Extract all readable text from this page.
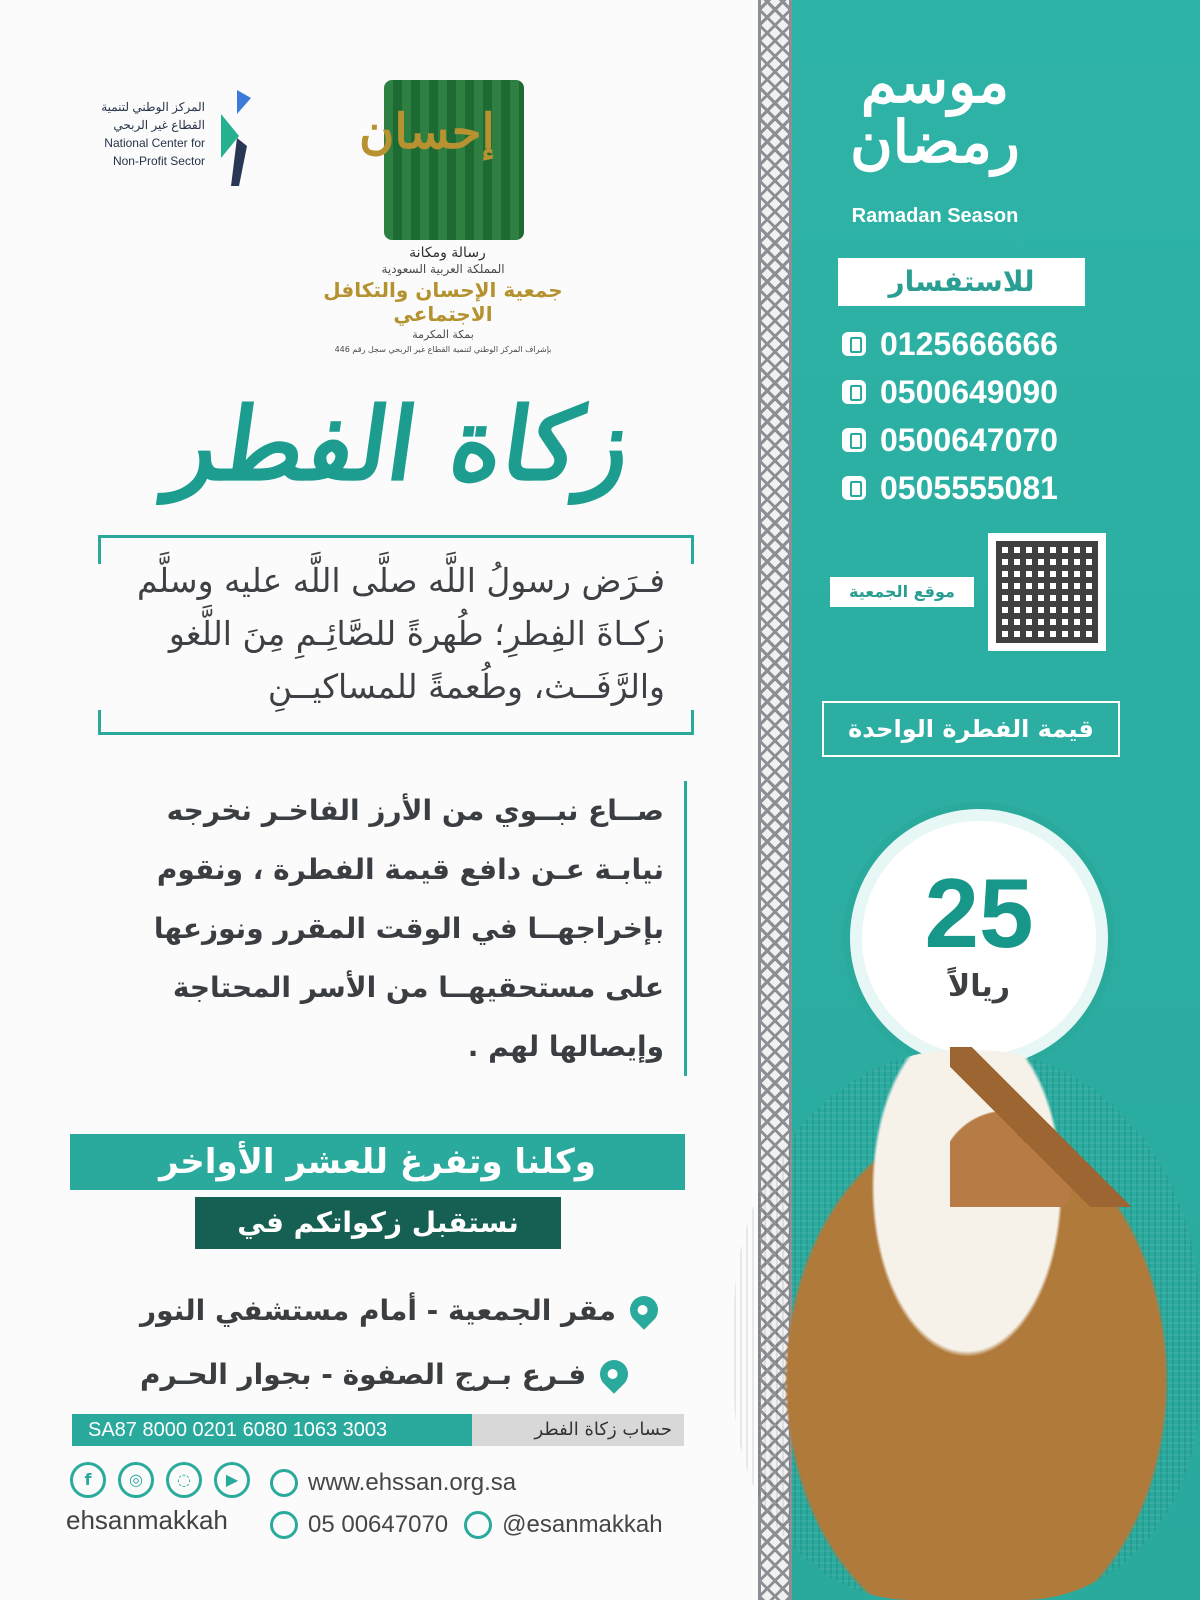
المركز الوطني لتنمية
القطاع غير الربحي
National Center for
Non-Profit Sector
إحسان
رسالة ومكانة
المملكة العربية السعودية
جمعية الإحسان والتكافل الاجتماعي
بمكة المكرمة
بإشراف المركز الوطني لتنمية القطاع غير الربحي سجل رقم 446
زكاة الفطر
فـرَض رسولُ اللَّه صلَّى اللَّه عليه وسلَّم
زكـاةَ الفِطرِ؛ طُهرةً للصَّائِـمِ مِنَ اللَّغو
والرَّفَــث، وطُعمةً للمساكيــنِ
صــاع نبــوي من الأرز الفاخـر نخرجه
نيابـة عـن دافع قيمة الفطرة ، ونقوم
بإخراجهــا في الوقت المقرر ونوزعها
على مستحقيهــا من الأسر المحتاجة
وإيصالها لهم .
وكلنا وتفرغ للعشر الأواخر
نستقبل زكواتكم في
مقر الجمعية - أمام مستشفي النور
فـرع بـرج الصفوة - بجوار الحـرم
SA87 8000 0201 6080 1063 3003	حساب زكاة الفطر
f	◎	◌	▶
ehsanmakkah
www.ehssan.org.sa
05 00647070 @esanmakkah
موسم رمضان
Ramadan Season
للاستفسار
0125666666
0500649090
0500647070
0505555081
موقع الجمعية
قيمة الفطرة الواحدة
25
ريالاً
